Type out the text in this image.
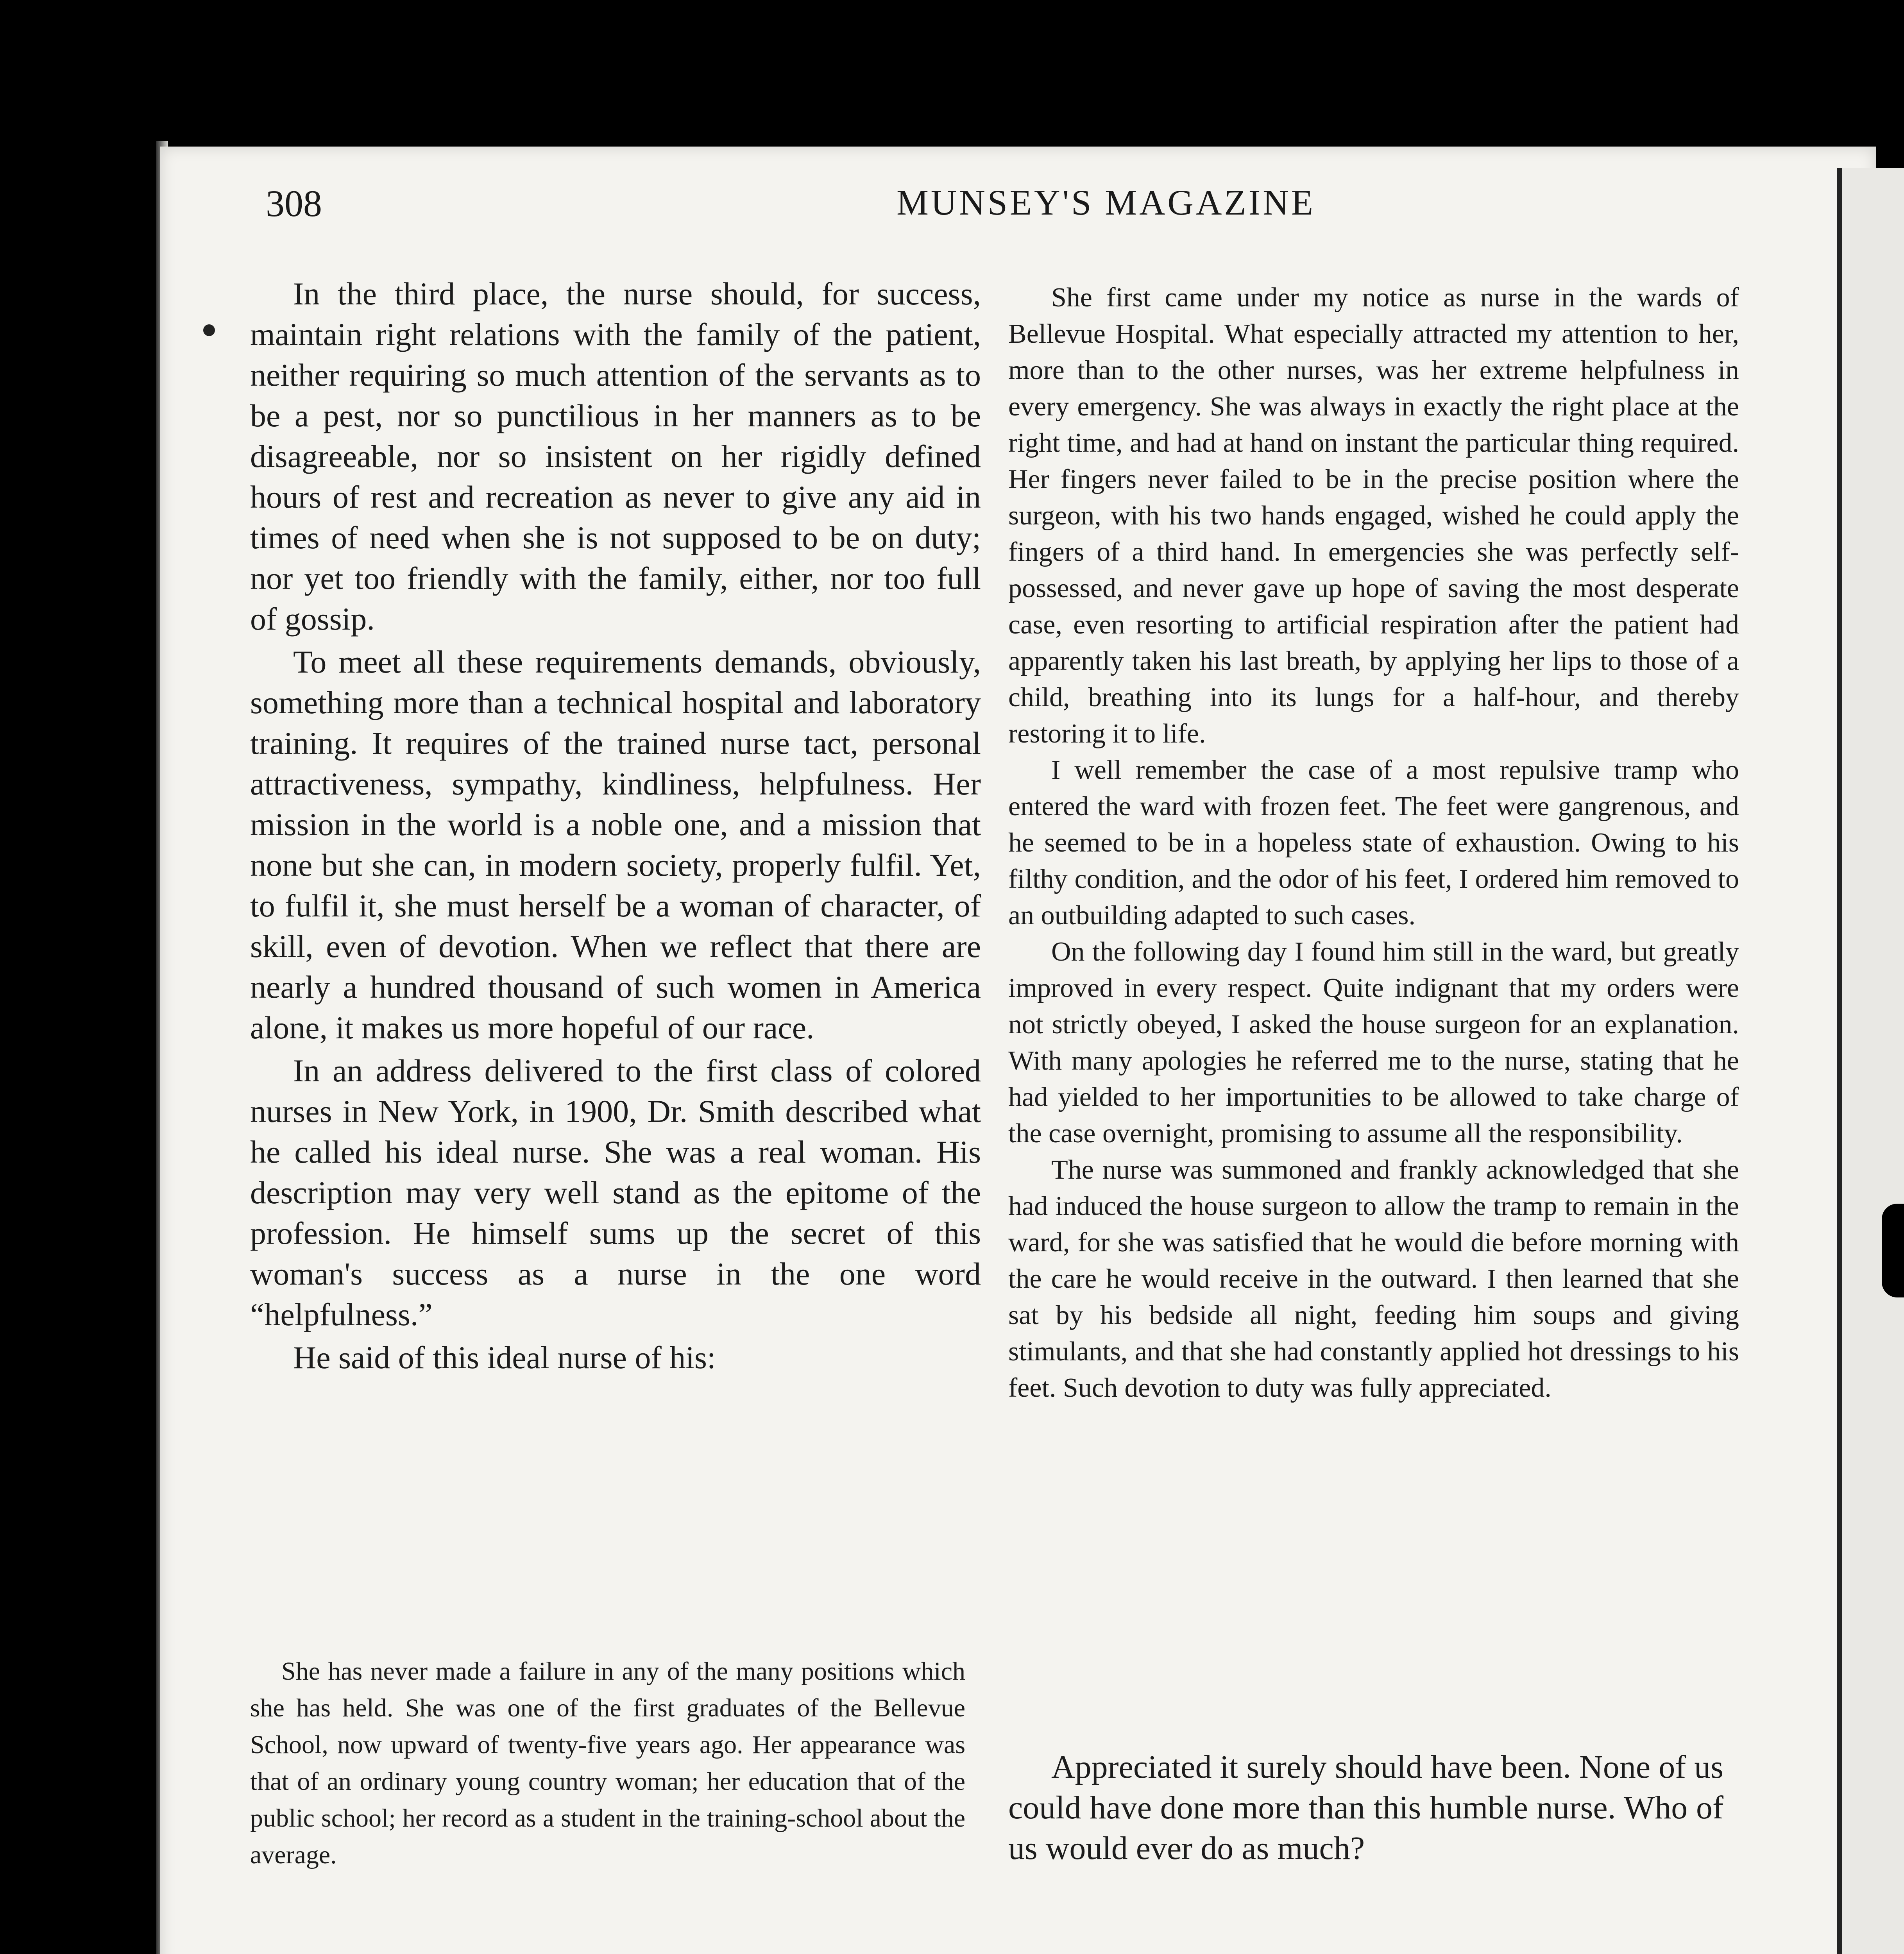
308	MUNSEY'S MAGAZINE

In the third place, the nurse should, for success, maintain right relations with the family of the patient, neither requiring so much attention of the servants as to be a pest, nor so punctilious in her manners as to be disagreeable, nor so insistent on her rigidly defined hours of rest and recreation as never to give any aid in times of need when she is not supposed to be on duty; nor yet too friendly with the family, either, nor too full of gossip.

To meet all these requirements demands, obviously, something more than a technical hospital and laboratory training. It requires of the trained nurse tact, personal attractiveness, sympathy, kindliness, helpfulness. Her mission in the world is a noble one, and a mission that none but she can, in modern society, properly fulfil. Yet, to fulfil it, she must herself be a woman of character, of skill, even of devotion. When we reflect that there are nearly a hundred thousand of such women in America alone, it makes us more hopeful of our race.

In an address delivered to the first class of colored nurses in New York, in 1900, Dr. Smith described what he called his ideal nurse. She was a real woman. His description may very well stand as the epitome of the profession. He himself sums up the secret of this woman's success as a nurse in the one word “helpfulness.”

He said of this ideal nurse of his:

She has never made a failure in any of the many positions which she has held. She was one of the first graduates of the Bellevue School, now upward of twenty-five years ago. Her appearance was that of an ordinary young country woman; her education that of the public school; her record as a student in the training-school about the average.

She first came under my notice as nurse in the wards of Bellevue Hospital. What especially attracted my attention to her, more than to the other nurses, was her extreme helpfulness in every emergency. She was always in exactly the right place at the right time, and had at hand on instant the particular thing required. Her fingers never failed to be in the precise position where the surgeon, with his two hands engaged, wished he could apply the fingers of a third hand. In emergencies she was perfectly self-possessed, and never gave up hope of saving the most desperate case, even resorting to artificial respiration after the patient had apparently taken his last breath, by applying her lips to those of a child, breathing into its lungs for a half-hour, and thereby restoring it to life.

I well remember the case of a most repulsive tramp who entered the ward with frozen feet. The feet were gangrenous, and he seemed to be in a hopeless state of exhaustion. Owing to his filthy condition, and the odor of his feet, I ordered him removed to an outbuilding adapted to such cases.

On the following day I found him still in the ward, but greatly improved in every respect. Quite indignant that my orders were not strictly obeyed, I asked the house surgeon for an explanation. With many apologies he referred me to the nurse, stating that he had yielded to her importunities to be allowed to take charge of the case overnight, promising to assume all the responsibility.

The nurse was summoned and frankly acknowledged that she had induced the house surgeon to allow the tramp to remain in the ward, for she was satisfied that he would die before morning with the care he would receive in the outward. I then learned that she sat by his bedside all night, feeding him soups and giving stimulants, and that she had constantly applied hot dressings to his feet. Such devotion to duty was fully appreciated.

Appreciated it surely should have been. None of us could have done more than this humble nurse. Who of us would ever do as much?
